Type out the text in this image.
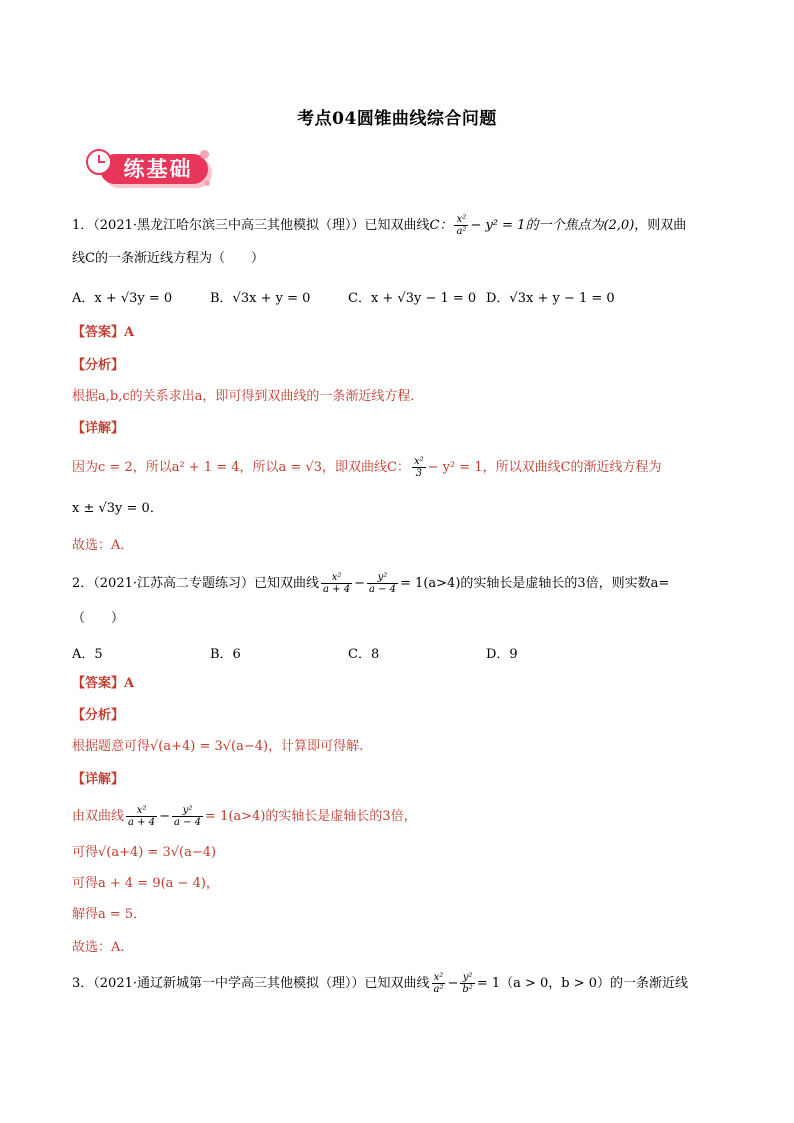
考点04圆锥曲线综合问题
练基础
1．（2021·黑龙江哈尔滨三中高三其他模拟（理））已知双曲线C： $\frac{\text{x²}}{\text{a²}} - y^2 = 1$的一个焦点为(2,0)，则双曲
线C的一条渐近线方程为（　　）
A．x + √3y = 0	B．√3x + y = 0	C．x + √3y − 1 = 0 D．√3x + y − 1 = 0
【答案】A
【分析】
根据a,b,c的关系求出a，即可得到双曲线的一条渐近线方程．
【详解】
因为c = 2，所以a² + 1 = 4，所以a = √3，即双曲线C： $\frac{\text{x²}}{3} - y^2 = 1$，所以双曲线C的渐近线方程为
x ± √3y = 0．
故选：A．
2．（2021·江苏高二专题练习）已知双曲线 $\frac{\text{x²}}{a + 4} - \frac{\text{y²}}{a - 4} = 1(a>4)$的实轴长是虚轴长的3倍，则实数a=
（　　）
A．5	B．6	C．8	D．9
【答案】A
【分析】
根据题意可得√(a+4) = 3√(a−4)，计算即可得解.
【详解】
由双曲线 $\frac{\text{x²}}{a + 4} - \frac{\text{y²}}{a - 4} = 1(a>4)$的实轴长是虚轴长的3倍，
可得√(a+4) = 3√(a−4)
可得a + 4 = 9(a − 4)，
解得a = 5．
故选：A.
3．（2021·通辽新城第一中学高三其他模拟（理））已知双曲线 $\frac{\text{x²}}{\text{a²}} - \frac{\text{y²}}{\text{b²}} = 1(a > 0$，b > 0）的一条渐近线
